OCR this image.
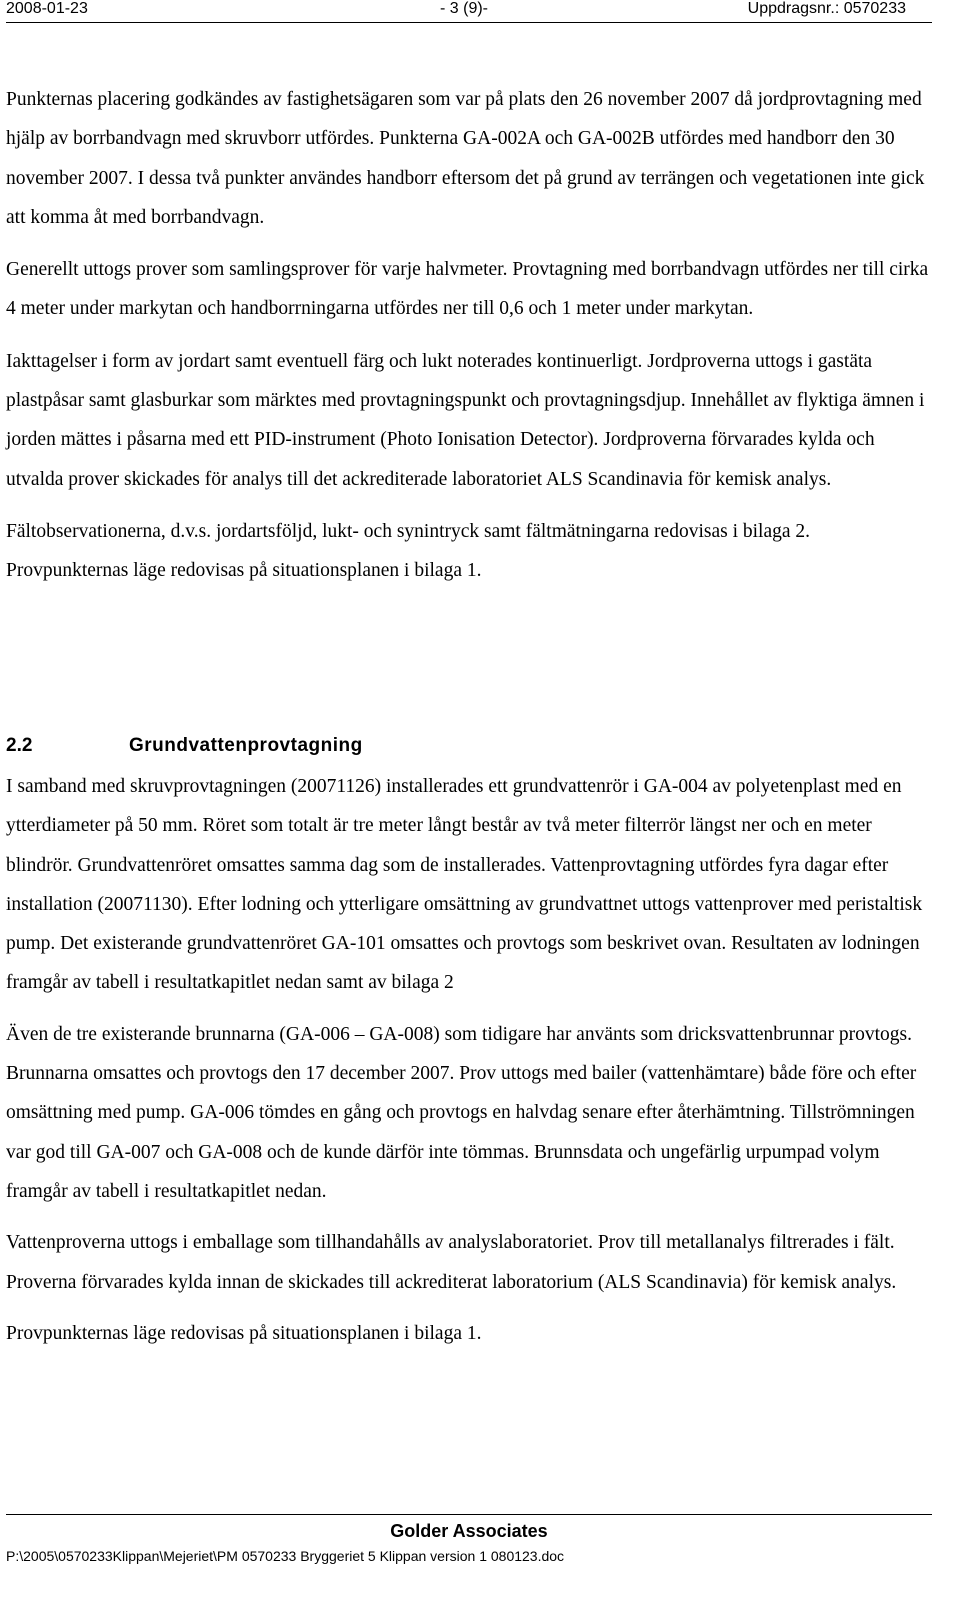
2008-01-23	- 3 (9)-	Uppdragsnr.: 0570233

Punkternas placering godkändes av fastighetsägaren som var på plats den 26 november 2007 då jordprovtagning med hjälp av borrbandvagn med skruvborr utfördes. Punkterna GA-002A och GA-002B utfördes med handborr den 30 november 2007. I dessa två punkter användes handborr eftersom det på grund av terrängen och vegetationen inte gick att komma åt med borrbandvagn.

Generellt uttogs prover som samlingsprover för varje halvmeter. Provtagning med borrbandvagn utfördes ner till cirka 4 meter under markytan och handborrningarna utfördes ner till 0,6 och 1 meter under markytan.

Iakttagelser i form av jordart samt eventuell färg och lukt noterades kontinuerligt. Jordproverna uttogs i gastäta plastpåsar samt glasburkar som märktes med provtagningspunkt och provtagningsdjup. Innehållet av flyktiga ämnen i jorden mättes i påsarna med ett PID-instrument (Photo Ionisation Detector). Jordproverna förvarades kylda och utvalda prover skickades för analys till det ackrediterade laboratoriet ALS Scandinavia för kemisk analys.

Fältobservationerna, d.v.s. jordartsföljd, lukt- och synintryck samt fältmätningarna redovisas i bilaga 2. Provpunkternas läge redovisas på situationsplanen i bilaga 1.

2.2	Grundvattenprovtagning

I samband med skruvprovtagningen (20071126) installerades ett grundvattenrör i GA-004 av polyetenplast med en ytterdiameter på 50 mm. Röret som totalt är tre meter långt består av två meter filterrör längst ner och en meter blindrör. Grundvattenröret omsattes samma dag som de installerades. Vattenprovtagning utfördes fyra dagar efter installation (20071130). Efter lodning och ytterligare omsättning av grundvattnet uttogs vattenprover med peristaltisk pump. Det existerande grundvattenröret GA-101 omsattes och provtogs som beskrivet ovan. Resultaten av lodningen framgår av tabell i resultatkapitlet nedan samt av bilaga 2

Även de tre existerande brunnarna (GA-006 – GA-008) som tidigare har använts som dricksvattenbrunnar provtogs. Brunnarna omsattes och provtogs den 17 december 2007. Prov uttogs med bailer (vattenhämtare) både före och efter omsättning med pump. GA-006 tömdes en gång och provtogs en halvdag senare efter återhämtning. Tillströmningen var god till GA-007 och GA-008 och de kunde därför inte tömmas. Brunnsdata och ungefärlig urpumpad volym framgår av tabell i resultatkapitlet nedan.

Vattenproverna uttogs i emballage som tillhandahålls av analyslaboratoriet. Prov till metallanalys filtrerades i fält. Proverna förvarades kylda innan de skickades till ackrediterat laboratorium (ALS Scandinavia) för kemisk analys.

Provpunkternas läge redovisas på situationsplanen i bilaga 1.

Golder Associates
P:\2005\0570233Klippan\Mejeriet\PM 0570233 Bryggeriet 5 Klippan version 1 080123.doc
